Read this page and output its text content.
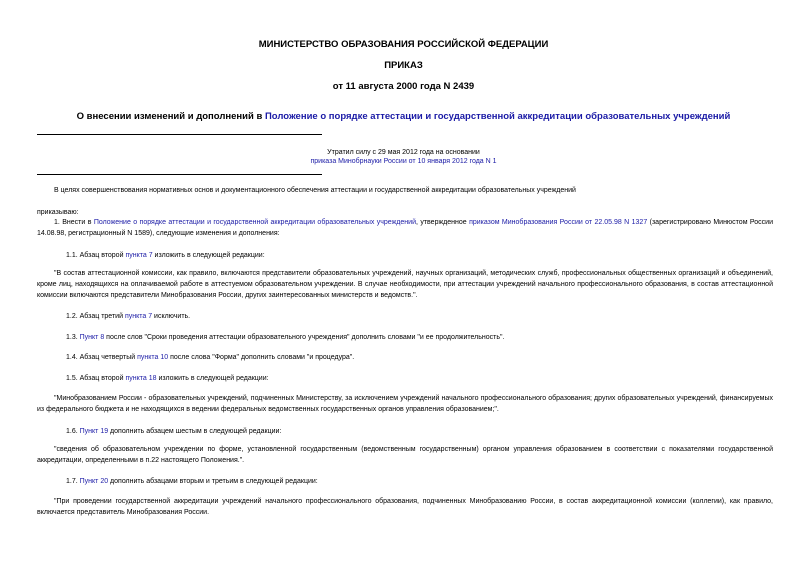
МИНИСТЕРСТВО ОБРАЗОВАНИЯ РОССИЙСКОЙ ФЕДЕРАЦИИ
ПРИКАЗ
от 11 августа 2000 года N 2439
О внесении изменений и дополнений в Положение о порядке аттестации и государственной аккредитации образовательных учреждений
Утратил силу с 29 мая 2012 года на основании
приказа Минобрнауки России от 10 января 2012 года N 1
В целях совершенствования нормативных основ и документационного обеспечения аттестации и государственной аккредитации образовательных учреждений
приказываю:
1. Внести в Положение о порядке аттестации и государственной аккредитации образовательных учреждений, утвержденное приказом Минобразования России от 22.05.98 N 1327 (зарегистрировано Минюстом России 14.08.98, регистрационный N 1589), следующие изменения и дополнения:
1.1. Абзац второй пункта 7 изложить в следующей редакции:
"В состав аттестационной комиссии, как правило, включаются представители образовательных учреждений, научных организаций, методических служб, профессиональных общественных организаций и объединений, кроме лиц, находящихся на оплачиваемой работе в аттестуемом образовательном учреждении. В случае необходимости, при аттестации учреждений начального профессионального образования, в состав аттестационной комиссии включаются представители Минобразования России, других заинтересованных министерств и ведомств.".
1.2. Абзац третий пункта 7 исключить.
1.3. Пункт 8 после слов "Сроки проведения аттестации образовательного учреждения" дополнить словами "и ее продолжительность".
1.4. Абзац четвертый пункта 10 после слова "Форма" дополнить словами "и процедура".
1.5. Абзац второй пункта 18 изложить в следующей редакции:
"Минобразованием России - образовательных учреждений, подчиненных Министерству, за исключением учреждений начального профессионального образования; других образовательных учреждений, финансируемых из федерального бюджета и не находящихся в ведении федеральных ведомственных государственных органов управления образованием;".
1.6. Пункт 19 дополнить абзацем шестым в следующей редакции:
"сведения об образовательном учреждении по форме, установленной государственным (ведомственным государственным) органом управления образованием в соответствии с показателями государственной аккредитации, определенными в п.22 настоящего Положения.".
1.7. Пункт 20 дополнить абзацами вторым и третьим в следующей редакции:
"При проведении государственной аккредитации учреждений начального профессионального образования, подчиненных Минобразованию России, в состав аккредитационной комиссии (коллегии), как правило, включается представитель Минобразования России.
